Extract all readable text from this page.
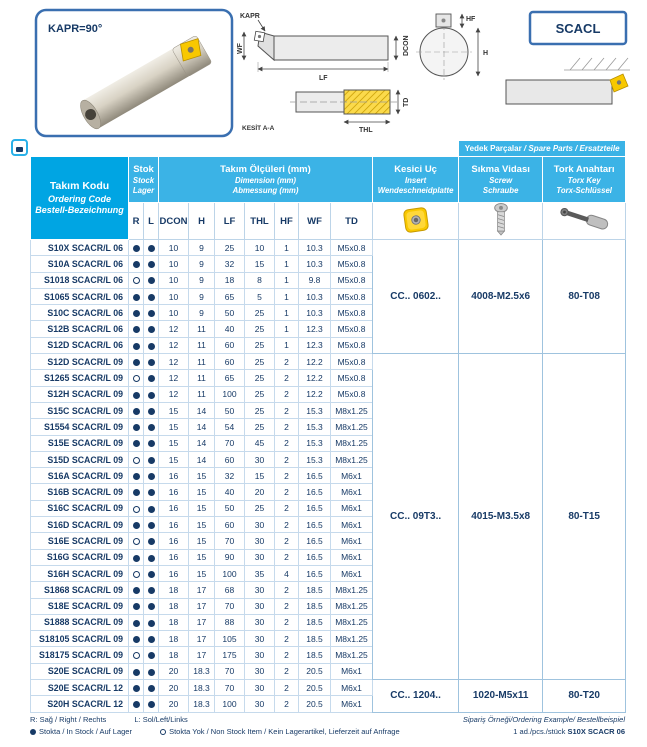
KAPR=90°
KAPR
WF	DCON
LF
TD
THL
KESİT A-A
HF
H
SCACL
											Yedek Parçalar / Spare Parts / Ersatzteile	

Takım Kodu
Ordering Code
Bestell-Bezeichnung

Stok
Stock
Lager

Takım Ölçüleri (mm)
Dimension (mm)
Abmessung (mm)

Kesici Uç
Insert
Wendeschneidplatte

Sıkma Vidası
Screw
Schraube

Tork Anahtarı
Torx Key
Torx-Schlüssel

	R	L	DCON	H	LF	THL	HF	WF	TD			
S10X SCACR/L 06			10	9	25	10	1	10.3	M5x0.8	CC.. 0602..	4008-M2.5x6	80-T08
S10A SCACR/L 06			10	9	32	15	1	10.3	M5x0.8			
S1018 SCACR/L 06			10	9	18	8	1	9.8	M5x0.8			
S1065 SCACR/L 06			10	9	65	5	1	10.3	M5x0.8			
S10C SCACR/L 06			10	9	50	25	1	10.3	M5x0.8			
S12B SCACR/L 06			12	11	40	25	1	12.3	M5x0.8			
S12D SCACR/L 06			12	11	60	25	1	12.3	M5x0.8			
S12D SCACR/L 09			12	11	60	25	2	12.2	M5x0.8	CC.. 09T3..	4015-M3.5x8	80-T15
S1265 SCACR/L 09			12	11	65	25	2	12.2	M5x0.8			
S12H SCACR/L 09			12	11	100	25	2	12.2	M5x0.8			
S15C SCACR/L 09			15	14	50	25	2	15.3	M8x1.25			
S1554 SCACR/L 09			15	14	54	25	2	15.3	M8x1.25			
S15E SCACR/L 09			15	14	70	45	2	15.3	M8x1.25			
S15D SCACR/L 09			15	14	60	30	2	15.3	M8x1.25			
S16A SCACR/L 09			16	15	32	15	2	16.5	M6x1			
S16B SCACR/L 09			16	15	40	20	2	16.5	M6x1			
S16C SCACR/L 09			16	15	50	25	2	16.5	M6x1			
S16D SCACR/L 09			16	15	60	30	2	16.5	M6x1			
S16E SCACR/L 09			16	15	70	30	2	16.5	M6x1			
S16G SCACR/L 09			16	15	90	30	2	16.5	M6x1			
S16H SCACR/L 09			16	15	100	35	4	16.5	M6x1			
S1868 SCACR/L 09			18	17	68	30	2	18.5	M8x1.25			
S18E SCACR/L 09			18	17	70	30	2	18.5	M8x1.25			
S1888 SCACR/L 09			18	17	88	30	2	18.5	M8x1.25			
S18105 SCACR/L 09			18	17	105	30	2	18.5	M8x1.25			
S18175 SCACR/L 09			18	17	175	30	2	18.5	M8x1.25			
S20E SCACR/L 09			20	18.3	70	30	2	20.5	M6x1			
S20E SCACR/L 12			20	18.3	70	30	2	20.5	M6x1	CC.. 1204..	1020-M5x11	80-T20
S20H SCACR/L 12			20	18.3	100	30	2	20.5	M6x1			
R: Sağ / Right / Rechts	L: Sol/Left/Links
Stokta / In Stock / Auf Lager	Stokta Yok / Non Stock Item / Kein Lagerartikel, Lieferzeit auf Anfrage
Sipariş Örneği/Ordering Example/ Bestellbeispiel
1 ad./pcs./stück S10X SCACR 06
